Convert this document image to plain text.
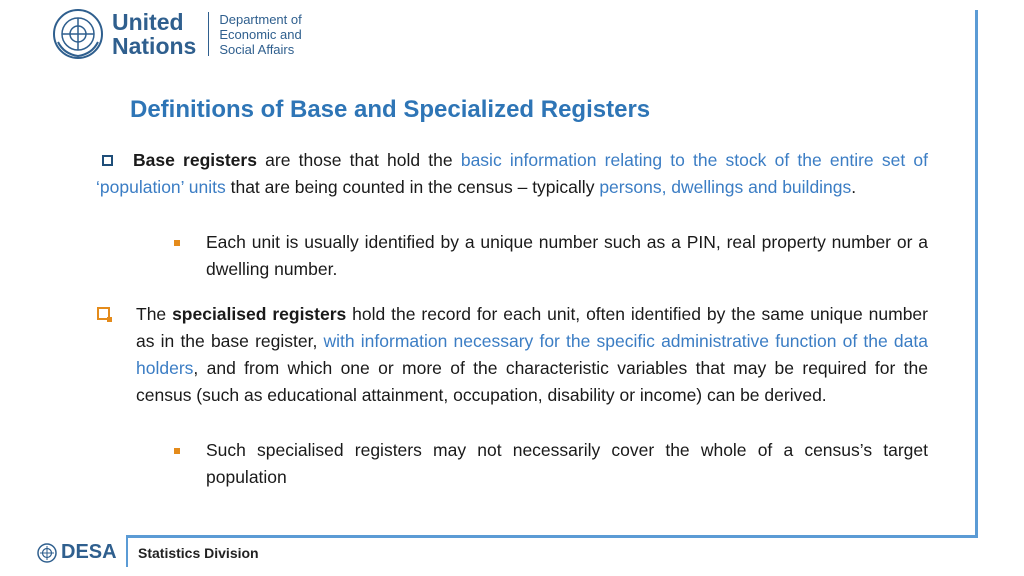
United
Nations
Department of
Economic and
Social Affairs
Definitions of Base and Specialized Registers
Base registers are those that hold the basic information relating to the stock of the entire set of ‘population’ units that are being counted in the census – typically persons, dwellings and buildings.
Each unit is usually identified by a unique number such as a PIN, real property number or a dwelling number.
The specialised registers hold the record for each unit, often identified by the same unique number as in the base register, with information necessary for the specific administrative function of the data holders, and from which one or more of the characteristic variables that may be required for the census (such as educational attainment, occupation, disability or income) can be derived.
Such specialised registers may not necessarily cover the whole of a census’s target population
DESA Statistics Division
